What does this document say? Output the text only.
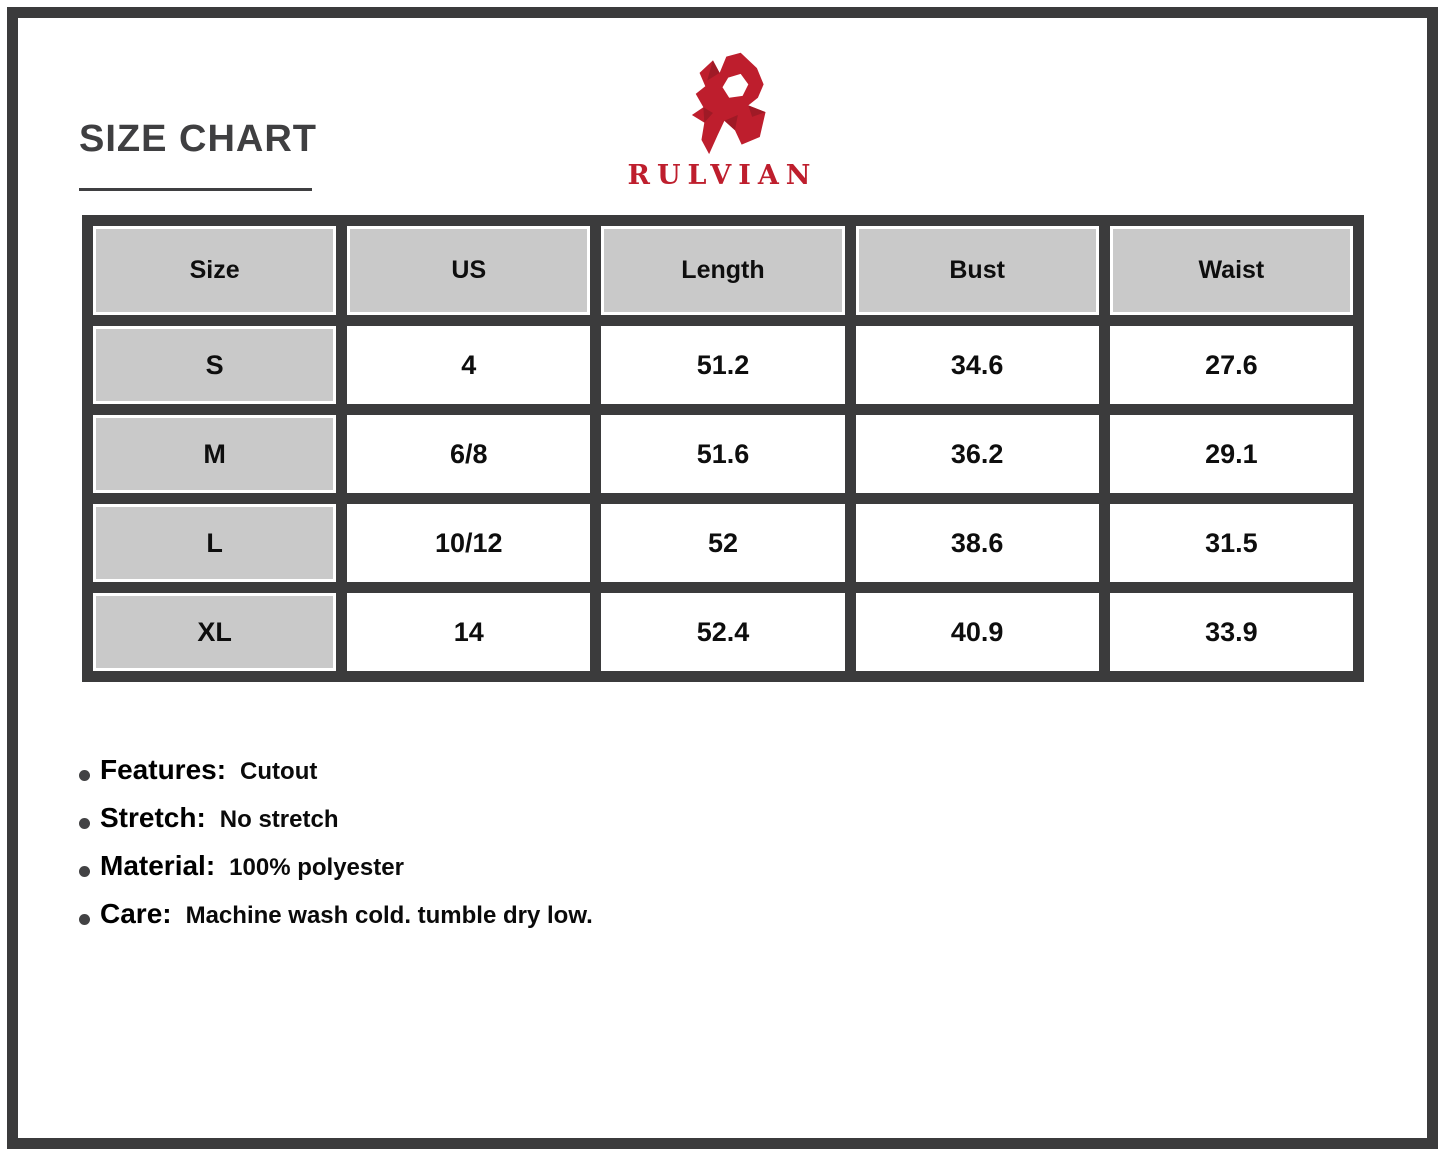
SIZE CHART
RULVIAN
Size	US	Length	Bust	Waist
S	4	51.2	34.6	27.6
M	6/8	51.6	36.2	29.1
L	10/12	52	38.6	31.5
XL	14	52.4	40.9	33.9
Features: Cutout
Stretch: No stretch
Material: 100% polyester
Care: Machine wash cold. tumble dry low.
